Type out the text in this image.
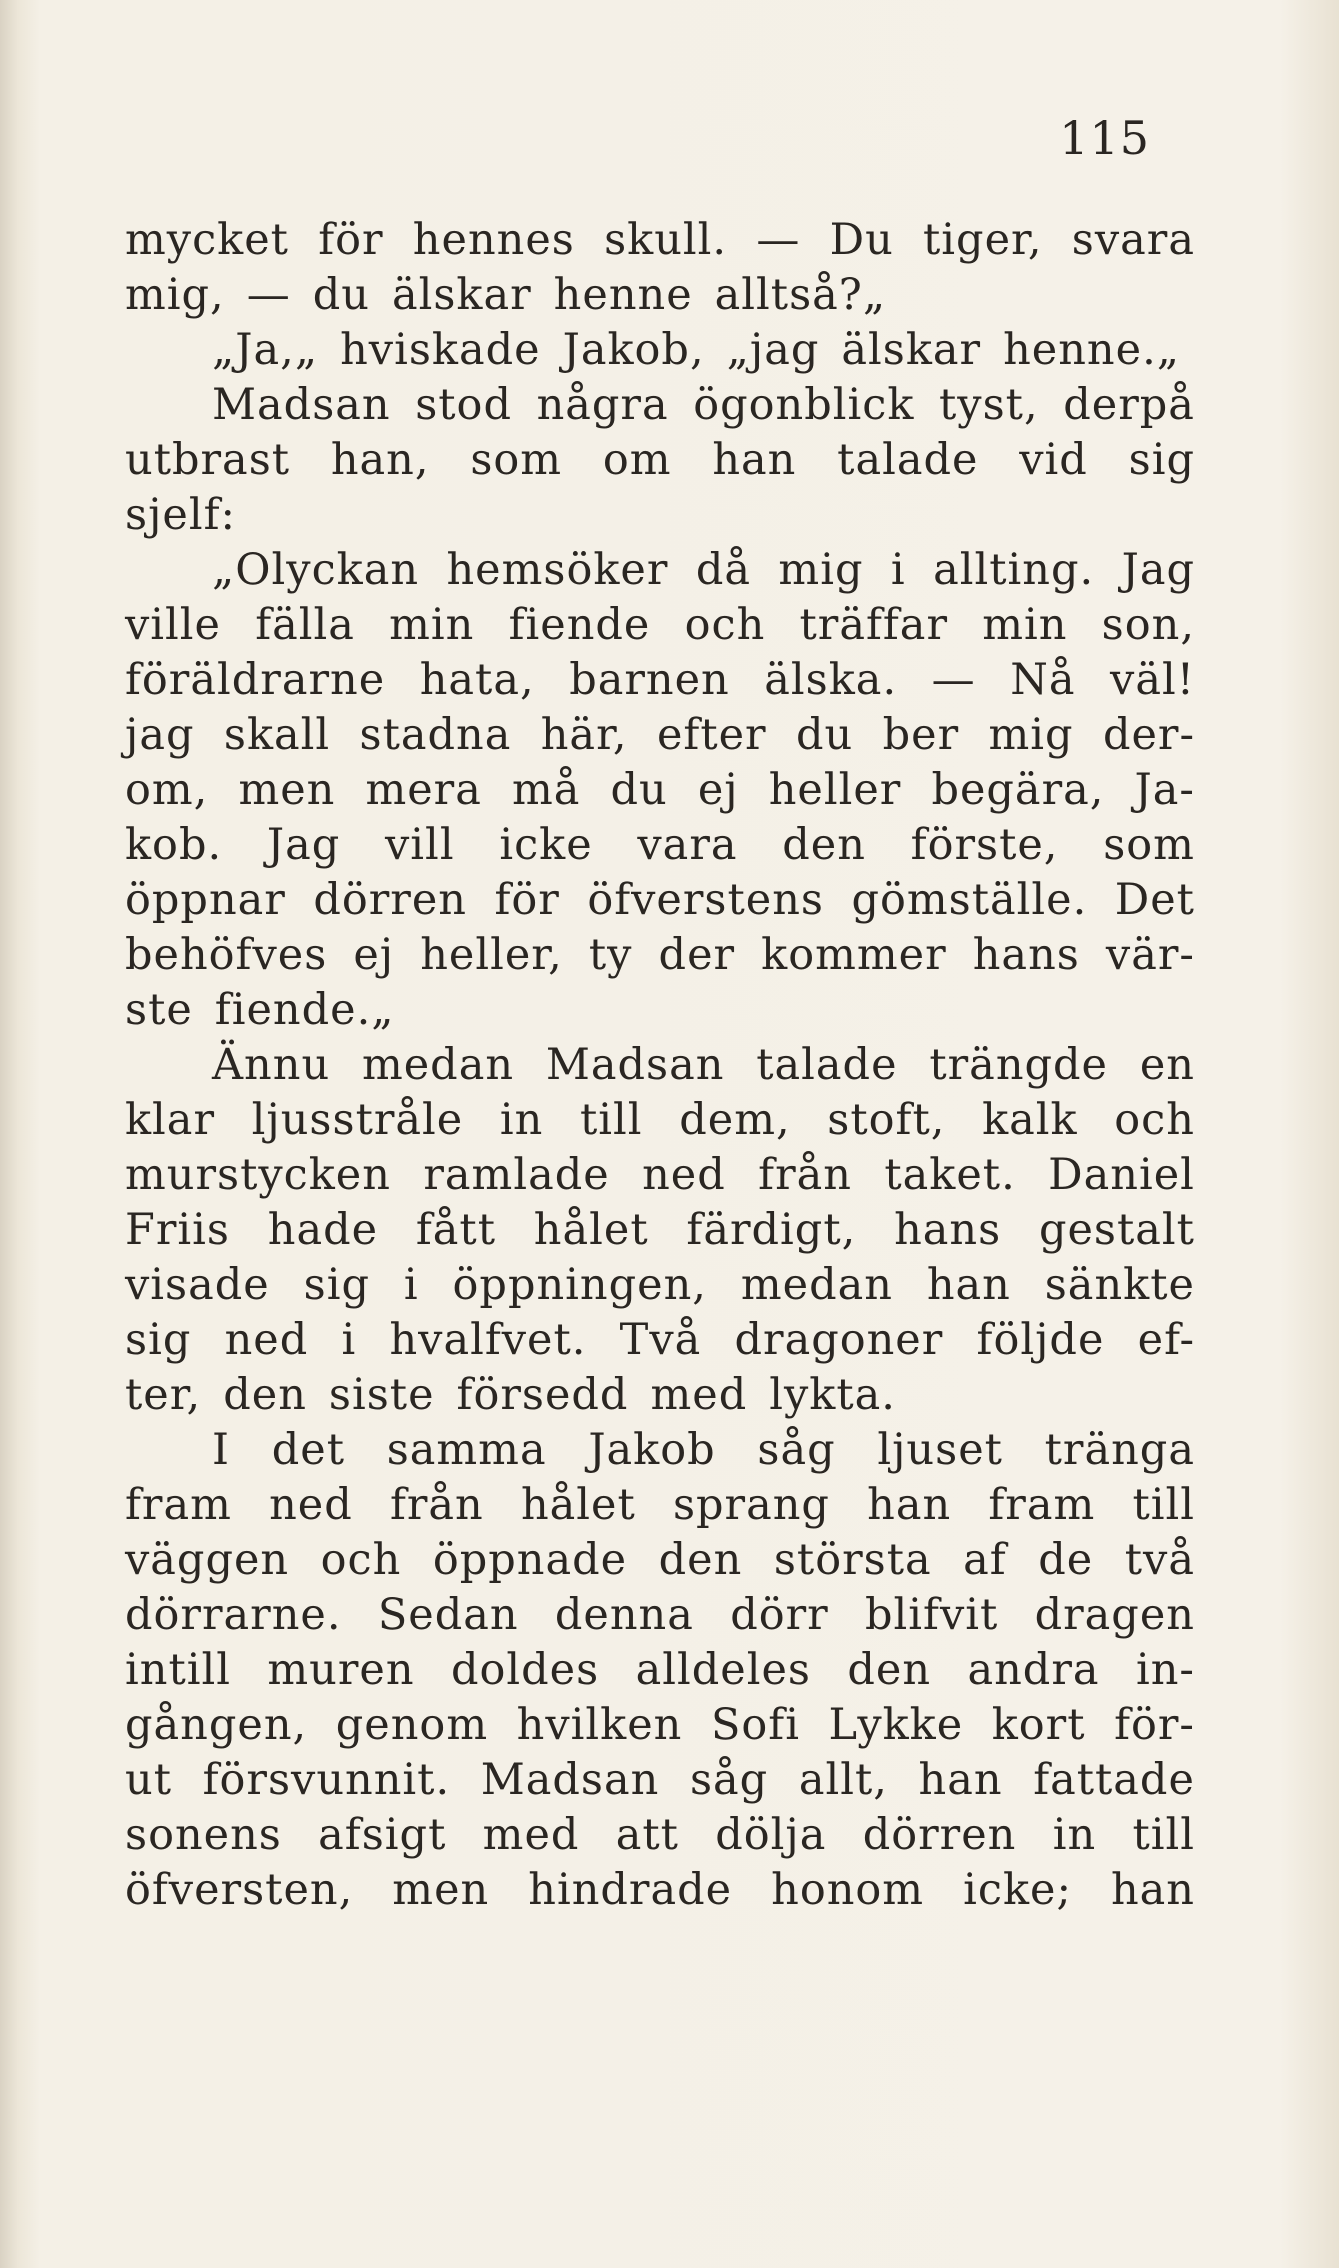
115
mycket för hennes skull. — Du tiger, svara
mig, — du älskar henne alltså?„
„Ja,„ hviskade Jakob, „jag älskar henne.„
Madsan stod några ögonblick tyst, derpå
utbrast han, som om han talade vid sig
sjelf:
„Olyckan hemsöker då mig i allting. Jag
ville fälla min fiende och träffar min son,
föräldrarne hata, barnen älska. — Nå väl!
jag skall stadna här, efter du ber mig der-
om, men mera må du ej heller begära, Ja-
kob. Jag vill icke vara den förste, som
öppnar dörren för öfverstens gömställe. Det
behöfves ej heller, ty der kommer hans vär-
ste fiende.„
Ännu medan Madsan talade trängde en
klar ljusstråle in till dem, stoft, kalk och
murstycken ramlade ned från taket. Daniel
Friis hade fått hålet färdigt, hans gestalt
visade sig i öppningen, medan han sänkte
sig ned i hvalfvet. Två dragoner följde ef-
ter, den siste försedd med lykta.
I det samma Jakob såg ljuset tränga
fram ned från hålet sprang han fram till
väggen och öppnade den största af de två
dörrarne. Sedan denna dörr blifvit dragen
intill muren doldes alldeles den andra in-
gången, genom hvilken Sofi Lykke kort för-
ut försvunnit. Madsan såg allt, han fattade
sonens afsigt med att dölja dörren in till
öfversten, men hindrade honom icke; han
